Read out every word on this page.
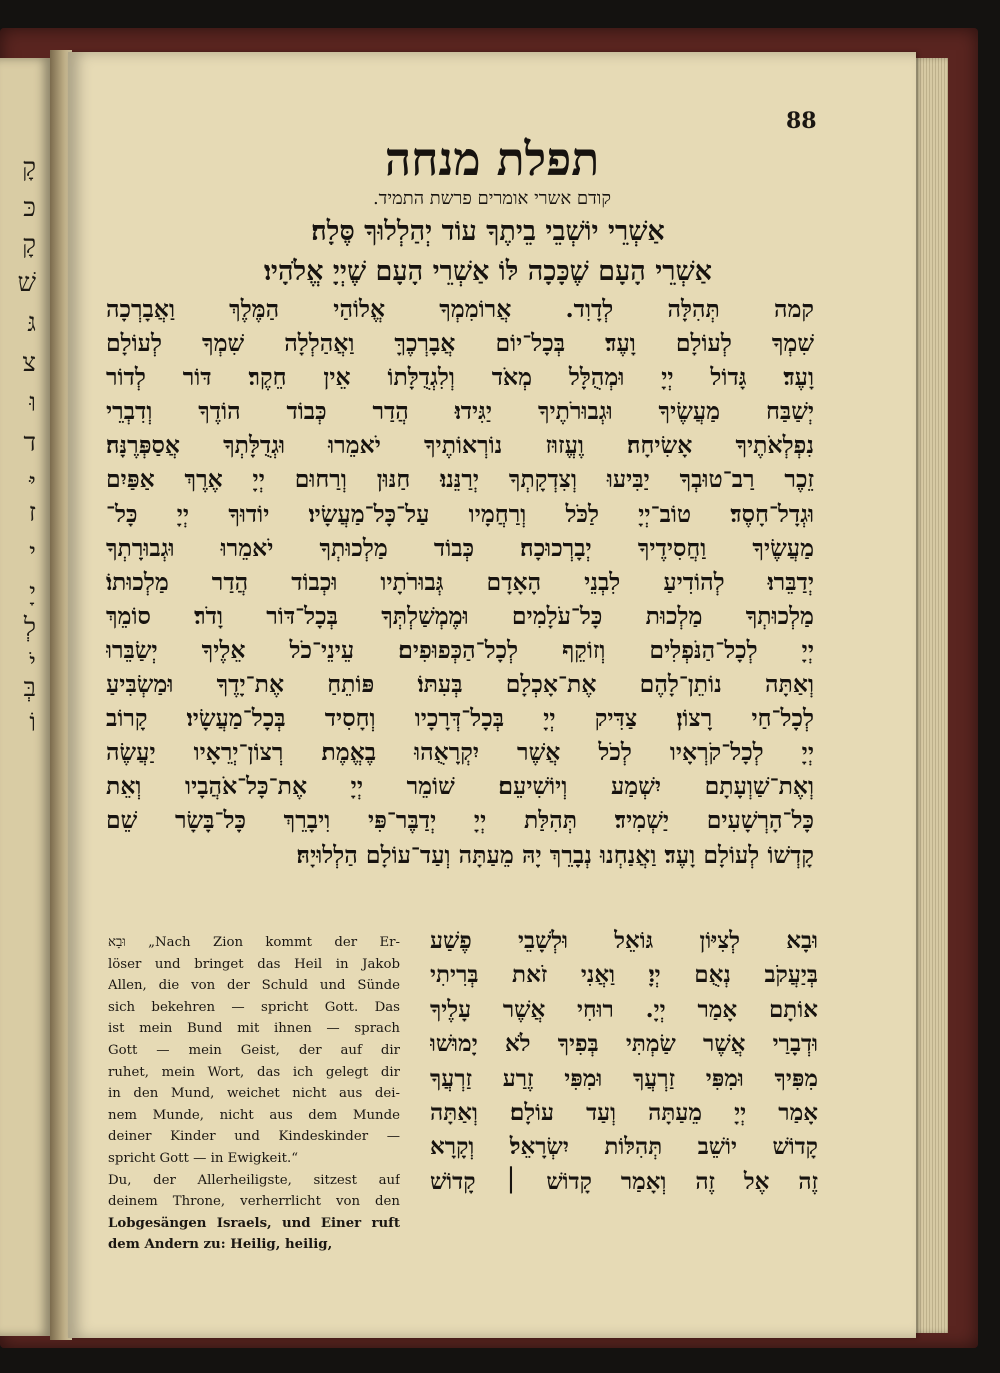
קָ
כּ
קָ
שׁ
גּ
צ
וּ
ד
יּ
ז
י
יָ
לְ
יֹ
בְּ
וֹ
88
תפלת מנחה
קודם אשרי אומרים פרשת התמיד.
אַשְׁרֵי יוֹשְׁבֵי בֵיתֶךָ עוֹד יְהַלְלוּךָ סֶּלָה׃
אַשְׁרֵי הָעָם שֶׁכָּכָה לּוֹ אַשְׁרֵי הָעָם שֶׁיְיָ אֱלֹהָיו׃
קמה תְּהִלָּה לְדָוִד. אֲרוֹמִמְךָ אֱלוֹהַי הַמֶּלֶךְ וַאֲבָרְכָה
שִׁמְךָ לְעוֹלָם וָעֶד׃ בְּכָל־יוֹם אֲבָרְכֶךָּ וַאֲהַלְלָה שִׁמְךָ לְעוֹלָם
וָעֶד׃ גָּדוֹל יְיָ וּמְהֻלָּל מְאֹד וְלִגְדֻלָּתוֹ אֵין חֵקֶר׃ דּוֹר לְדוֹר
יְשַׁבַּח מַעֲשֶׂיךָ וּגְבוּרֹתֶיךָ יַגִּידוּ׃ הֲדַר כְּבוֹד הוֹדֶךָ וְדִבְרֵי
נִפְלְאֹתֶיךָ אָשִׂיחָה׃ וֶעֱזוּז נוֹרְאוֹתֶיךָ יֹאמֵרוּ וּגְדֻלָּתְךָ אֲסַפְּרֶנָּה׃
זֵכֶר רַב־טוּבְךָ יַבִּיעוּ וְצִדְקָתְךָ יְרַנֵּנוּ׃ חַנּוּן וְרַחוּם יְיָ אֶרֶךְ אַפַּיִם
וּגְדָל־חָסֶד׃ טוֹב־יְיָ לַכֹּל וְרַחֲמָיו עַל־כָּל־מַעֲשָׂיו׃ יוֹדוּךָ יְיָ כָּל־
מַעֲשֶׂיךָ וַחֲסִידֶיךָ יְבָרְכוּכָה׃ כְּבוֹד מַלְכוּתְךָ יֹאמֵרוּ וּגְבוּרָתְךָ
יְדַבֵּרוּ׃ לְהוֹדִיעַ לִבְנֵי הָאָדָם גְּבוּרֹתָיו וּכְבוֹד הֲדַר מַלְכוּתוֹ׃
מַלְכוּתְךָ מַלְכוּת כָּל־עֹלָמִים וּמֶמְשַׁלְתְּךָ בְּכָל־דּוֹר וָדֹר׃ סוֹמֵךְ
יְיָ לְכָל־הַנֹּפְלִים וְזוֹקֵף לְכָל־הַכְּפוּפִים׃ עֵינֵי־כֹל אֵלֶיךָ יְשַׂבֵּרוּ
וְאַתָּה נוֹתֵן־לָהֶם אֶת־אָכְלָם בְּעִתּוֹ׃ פּוֹתֵחַ אֶת־יָדֶךָ וּמַשְׂבִּיעַ
לְכָל־חַי רָצוֹן׃ צַדִּיק יְיָ בְּכָל־דְּרָכָיו וְחָסִיד בְּכָל־מַעֲשָׂיו׃ קָרוֹב
יְיָ לְכָל־קֹרְאָיו לְכֹל אֲשֶׁר יִקְרָאֻהוּ בֶאֱמֶת׃ רְצוֹן־יְרֵאָיו יַעֲשֶׂה
וְאֶת־שַׁוְעָתָם יִשְׁמַע וְיוֹשִׁיעֵם׃ שׁוֹמֵר יְיָ אֶת־כָּל־אֹהֲבָיו וְאֵת
כָּל־הָרְשָׁעִים יַשְׁמִיד׃ תְּהִלַּת יְיָ יְדַבֶּר־פִּי וִיבָרֵךְ כָּל־בָּשָׂר שֵׁם
קָדְשׁוֹ לְעוֹלָם וָעֶד׃ וַאֲנַחְנוּ נְבָרֵךְ יָהּ מֵעַתָּה וְעַד־עוֹלָם הַלְלוּיָהּ׃
וּבָא „Nach Zion kommt der Er-
löser und bringet das Heil in Jakob
Allen, die von der Schuld und Sünde
sich bekehren — spricht Gott. Das
ist mein Bund mit ihnen — sprach
Gott — mein Geist, der auf dir
ruhet, mein Wort, das ich gelegt dir
in den Mund, weichet nicht aus dei-
nem Munde, nicht aus dem Munde
deiner Kinder und Kindeskinder —
spricht Gott — in Ewigkeit.“
Du, der Allerheiligste, sitzest auf
deinem Throne, verherrlicht von den
Lobgesängen Israels, und Einer ruft
dem Andern zu: Heilig, heilig,
וּבָא לְצִיּוֹן גּוֹאֵל וּלְשָׁבֵי פֶשַׁע
בְּיַעֲקֹב נְאֻם יְיָ׃ וַאֲנִי זֹאת בְּרִיתִי
אוֹתָם אָמַר יְיָ. רוּחִי אֲשֶׁר עָלֶיךָ
וּדְבָרַי אֲשֶׁר שַׂמְתִּי בְּפִיךָ לֹא יָמוּשׁוּ
מִפִּיךָ וּמִפִּי זַרְעֲךָ וּמִפִּי זֶרַע זַרְעֲךָ
אָמַר יְיָ מֵעַתָּה וְעַד עוֹלָם׃ וְאַתָּה
קָדוֹשׁ יוֹשֵׁב תְּהִלּוֹת יִשְׂרָאֵל׃ וְקָרָא
זֶה אֶל זֶה וְאָמַר קָדוֹשׁ ׀ קָדוֹשׁ
